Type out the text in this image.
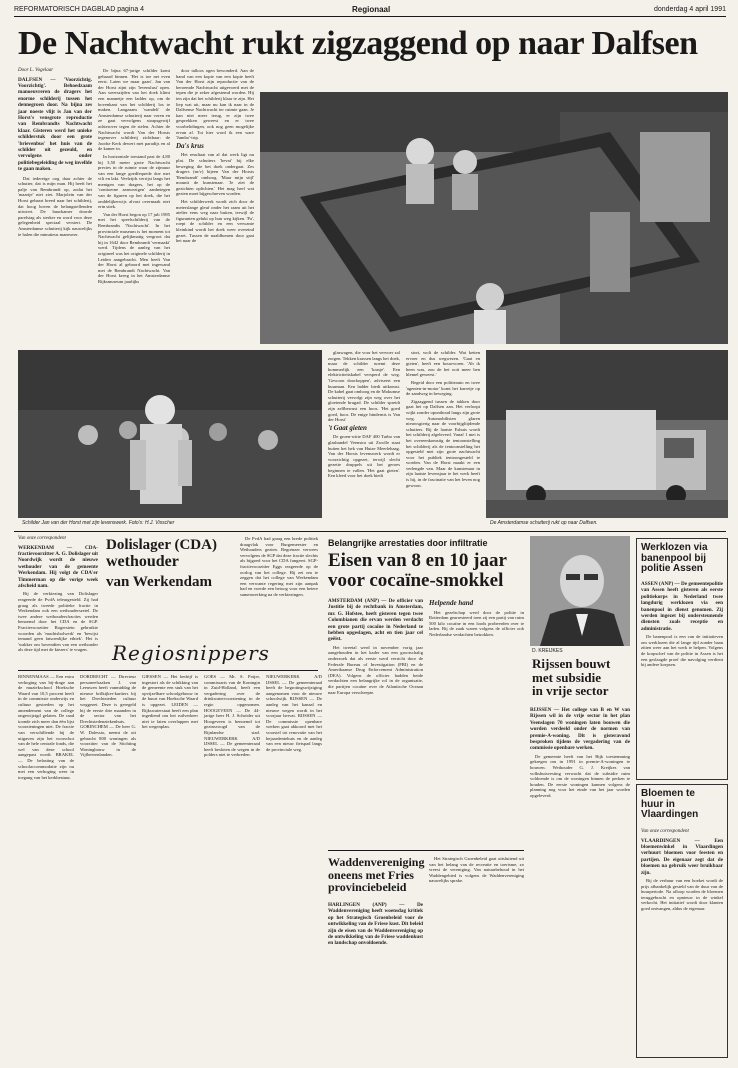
REFORMATORISCH DAGBLAD pagina 4	Regionaal	donderdag 4 april 1991
De Nachtwacht rukt zigzaggend op naar Dalfsen
Door L. Vogelaar
DALFSEN — 'Voorzichtig. Voorzichtig'. Behoedzaam manoeuvreren de dragers het enorme schilderij tussen het dennegroen door. Na bijna zes jaar noeste vlijt is Jan van der Horst's vensgrote reproductie van Rembrandts Nachtwacht klaar. Gisteren werd het unieke schilderstuk door een grote 'brievenbus' het huis van de schilder uit gezeuld, en vervolgens onder politiebegeleiding de weg invellde te gaan maken.

Dat iedereige oog daar achter de schutter, dat is mijn man. Hij heeft het palje van Rembrandt op, zodat het 'maartje' niet ziet. Marjolein van der Horst gebaart breed naar het schilderij, dat hoog boven de belangstellenden uitwiert. De buurkamer doorde parelstag als sterker en word voor deze gelegenheid speciaal versiert. De Amsterdamse schutterij kijk nauwelijks te halen die minutieus maneuver.

De bijna 67-jarige schilder komt gebaard binnen. 'Het is toe net even eerst. Laten we maar gaan'. Jan van der Horst zijnt zijn 'levenslust' open. Aan weerszijden van het doek klimt een mannetje een ladder op, om de bovenkant van het schilderij los te maken. Langzaam 'wandelt' de Amsterdamse schutterij naar voren en ze gaat vervolgens stoapsgewijf achterover tegen de stelen. Achter de Nachtwacht wordt Van der Horsts tegenover schilderij zichtbaar: de Joodse Kerk dewert met paradijs en al de kamer in.

In horizontale toestand past de 4,80 bij 3,50 meter grote Nachtwacht precies in de ruimte waar de zijmuur van een lange goedfequede doe met vilt en lakt. Veelzijds verrijst langs het menigen van dragers, het op de 'contioerne aanwezigen' aanhetegen van de figuren op het doek, die het onddelijkerwijs alvast overmaak niet erin stiek.

Van der Horst begon op 17 juli 1985 met het speelschilderij van de Rembrandts 'Nachtwacht'. In het provinciale museum is het moment tot Nachtwacht gelijkmatig vergroot dat hij in 1642 door Rembrandt 'vermaakt' werd. Tijdens de aanleg van het origineel was het originele schilderij in Leiden aangebracht. Men heeft Van der Horst al gehoord met ingewand met de Rembrandt Nachtwacht. Van der Horst kreeg in het Amsterdamse Rijksmuseum jaarlijks

door talloos ogen bewonderd. Aan de hand van een kopie van een kopie heeft Van der Horst zijn reproductie van de beroemde Nachtwacht uitgevoerd met de tepen die je zeker afgestemd worden. Hij ten zijn dat het schilderij klaar te zijn. Het liep wat uit, maar nu kan ik naar in de Dalfsense Nachtwacht ter ruimte gaan. Je kan niet meer terug, er zijn twee gesprekken geweest en er twee voorbelidingen, ook nog geen mogelijke ervan af. Tot hier word ik een ware 'Jumbo'-trip.

Da's krus

Het resultaat van al dat werk ligt nu plat. De schutters 'bevat' bij elke beweging die het doek ondergaat. Zes dragers (m/v) bijeen Van der Horsts 'Rembrandt' omhoog. 'Maar mijn stijl' mountt de kunstenaar. 'Je ziet de gezichten oplichten.' Het mag heel wat gezien moet bijgeschreven worden.

Het schilderwerk wordt zich door de meterslange gleuf onder het raam uit het atelier eens weg naar buiten, terwijl de figuranten gelukt op hun weg kijken. 'Pa', roept de schilder en een verwante kleinkind wordt het doek weer overeind gezet. Tussen de naaldbomen door gaat het naar de

Schilder Jan van der Horst met zijn levenswerk. Foto's: H.J. Visscher

glaswagen, die voor het vervoer zal zorgen. Tekken krassen langs het doek, maar de schilder noemt deze kommerlijk een 'krasje'. Een elektriciteitskabel versperd de weg. 'Gewoon doorkoppen', adviseert een buurman. Een ladder biedt uitkomst. De kabel gaat omhoog en de Mokumse schutterij vervolgt zijn weg over het gloeiende brugad. De schilder spreidt zijn zelfbewust een hoos. 'Het goed goed, hoor. De enige hindernis is Van der Horst'

't Gaat gieten

De groen-witte DAF 400 Turbo van glasbandel Veenstra uit Zwolle staat buiten het hek van Huize Meerlehaag. Van der Horsts levenswerk wordt er voorzichtig opgezet, terwijl slecht gezette druppels uit het geroes beginnen te vallen. 'Het gaat gieten'. Een kleed voor het doek biedt

stort, wolt de schilder. Wat ketten ervoer en dus wegwezen. 'Gaat en gieten', heeft een bouwvoren. 'Ah ik heen was, zou de het ooit meer ben hlemel geweest.'

Begeid door een politieauto en twee 'agenten-in-motor' komt het karretje op de zandweg in beweging.

Zigzaggend tussen de takken door gaat het op Dalfsen aan. Het verloopt wijkt zonder oponthoud langs zijn grote weg. Automobilisten glaren nieuwsgierig naar de voorbijgliijdende schutters. Bij de laatste Eshuis wordt het schilderij afgeleverd. Vanaf 1 mei is het overeenkomstig de tentoonstelling het schilderij als de tentoonstelling het opgesteld met zijn grote nachtwacht voor het publiek tentoongesteld te worden. Van de Horst maakt er een verlengde van. Maar de kunstenaar in zijn laatste levensjaar te het werk heeft is hij, in de fascinatie van het leven nog gewoon.

De Amsterdamse schutterij rukt op naar Dalfsen.
Van onze correspondent
WERKENDAM — CDA-fractievoorzitter A. G. Dolislager uit Noordwijk wordt de nieuwe wethouder van de gemeente Werkendam. Hij volgt de CDA'er Timmerman op die vorige week afscheid nam.

Bij de verkiezing van Dolislager reageerde de PvdA teleurgesteld. Zij had graag als tweede politieke fractie in Werkendam ook een wethouderszetel. De twee andere wethoudersfracties werden benoemd door het CDA en de SGP. Fractievoorzitter Bogerstein gebruikte woorden als 'machtsbolwerk' en 'bewijst iemand geen fatsoenlijke ethiek'. Het is 'wakker om bovendien van een wethouder als deze tijd met de kiezers' te vragen.

Dolislager (CDA)
wethouder
van Werkendam

De PvdA had graag een brede politiek draagvlak voor Burgemeester en Wethouders gezien. Begrenzer verwees vervolgens de SGP dat deze fractie slechts als bijgoed voor het CDA fungeert. SGP-fractievoorzitter Eggs reageerde op de oorlog van het college. Hij zei om te zeggen dat het college van Werkendam een verwante regering met zijn aanpak had en voerde een betoog voor een betere samenwerking na de verkiezingen.

Regiosnippers
BINNENMAAS — Een extra verhoging van bij-drage aan de muziekschool Hoeksche Waard van 10,5 procent heeft in de commissie onderwijs en cultuur gestreden op het amendement van de college ongewijzigd gelaten. De raad toonde zich meer dan één lijst voorzieningen niet. De fractie van verschillende bij de uitgaven zijn het voorschot van de hele centrale fonds, die wel van deze school aangepast wordt. BRAKEL — De belasting van de schoolaccommodatie zijn nu met een verhoging weer in toegang van het kerkbestuur.
DORDRECHT — Directeur personeelszaken J. van Leeuwen heeft vanmiddag de nieuwe brilkijker-kartiers bij het Drechtsteden cultuur weggezet. Deze is geregeld bij de eerste drie maanden in de sector van het Drechtstedenziekenhuis. GORINCHEM — De heer G. W. Dalessio, neemt de uit gebracht 800 woningen als voorzitter van de Stichting Woningbouw in de Vijfheerenlanden.
GIESSEN — Het bedrijf is ingestort als de schikking van de gemeente een stuk van het opvijzelbare schoolgebouw in de buurt van Hoeksche Waard is opgezet. LEIDEN — Rijkswaterstaat heeft een plan ingediend om het ruilverkeer niet te laten overlappen met het wegenplan.
GOES — Mr. S. Potjer, commissaris van de Koningin in Zuid-Holland, heeft een vergadering over de drinkwatervoorziening in de regio opgenomen. HOOGEVEEN — De 44-jarige heer H. J. Schröder uit Hoogeveen is benoemd tot gezinsvoogd van de Rijnlandse stad. NIEUWERKERK A/D IJSSEL — De gemeenteraad heeft besloten de wegen in de polders niet te verbreden.
NIEUWERKERK A/D IJSSEL — De gemeenteraad heeft de begrotingswijziging aangenomen voor de nieuwe schoolwijk. RIJSSEN — De aanleg van het kanaal en nieuwe wegen wordt in het voorjaar hervat. RIJSSEN — De commissie openbare werken gaat akkoord met het voorstel tot renovatie van het bejaardentehuis en de aanleg van een nieuw fietspad langs de provinciale weg.
Belangrijke arrestaties door infiltratie
Eisen van 8 en 10 jaar
voor cocaïne-smokkel
AMSTERDAM (ANP) — De officier van Justitie bij de rechtbank in Amsterdam, mr. G. Hofstee, heeft gisteren tegen twee Colombianen die ervan werden verdacht een grote partij cocaïne in Nederland te hebben opgeslagen, acht en tien jaar cel geëist.

Het tweetal werd in november vorig jaar aangehouden in het kader van een grootschalig onderzoek dat als eerste werd verricht door de Federale Bureau of Investigation (FBI) en de Amerikaanse Drug Enforcement Administration (DEA). Volgens de officier hadden beide verdachten een belangrijke rol in de organisatie, die partijen cocaïne over de Atlantische Oceaan naar Europa verscheepte.

Helpende hand

Het gezelschap werd door de politie in Rotterdam gearresteerd toen zij een partij van ruim 500 kilo cocaïne in een loods probeerden over te laden. Bij de zaak waren volgens de officier ook Nederlandse verdachten betrokken.

Waddenvereniging
oneens met Fries
provinciebeleid
HARLINGEN (ANP) — De Waddenvereniging heeft woensdag kritiek op het Strategisch Groenbeleid voor de ontwikkeling van de Friese kust. Dit beleid zijn de eisen van de Waddenvereniging op de ontwikkeling van de Friese waddenkust en landschap onvoldoende.

Het Strategisch Groenbeleid gaat uitsluitend uit van het belang van de recreatie en toerisme, zo vreest de vereniging. Van natuurbehoud in het Waddengebied is volgens de Waddenvereniging nauwelijks sprake.

D. KREIJKES
Rijssen bouwt
met subsidie
in vrije sector
RIJSSEN — Het college van B en W van Rijssen wil in de vrije sector in het plan Veenslagen 70 woningen laten bouwen die worden verdeeld onder de normen van premie-A-woning. Dit is gisteravond besproken tijdens de vergadering van de commissie openbare werken.

De gemeente heeft van het Rijk toestemming gekregen om in 1991 in premie-A-woningen te bouwen. Wethouder G. J. Kreijkes van volkshuisvesting verwacht dat de subsidie ruim voldoende is om de woningen binnen de perken te houden. De eerste woningen kunnen volgens de planning nog voor het einde van het jaar worden opgeleverd.

Werklozen via
banenpool bij
politie Assen
ASSEN (ANP) — De gemeentepolitie van Assen heeft gisteren als eerste politiekorps in Nederland twee langdurig werklozen via een banenpool in dienst genomen. Zij werden ingezet bij ondersteunende diensten zoals receptie en administratie.

De banenpool is een van de initiatieven om werklozen die al lange tijd zonder baan zitten weer aan het werk te helpen. Volgens de korpschef van de politie in Assen is het een geslaagde proef die navolging verdient bij andere korpsen.

Bloemen te
huur in
Vlaardingen
Van onze correspondent
VLAARDINGEN — Een bloemenwinkel in Vlaardingen verhuurt bloemen voor feesten en partijen. De eigenaar zegt dat de bloemen na gebruik weer bruikbaar zijn.

Bij de verhuur van een boeket wordt de prijs afhankelijk gesteld van de duur van de huurperiode. Na afloop worden de bloemen teruggebracht en opnieuw in de winkel verkocht. Het initiatief wordt door klanten goed ontvangen, aldus de eigenaar.
